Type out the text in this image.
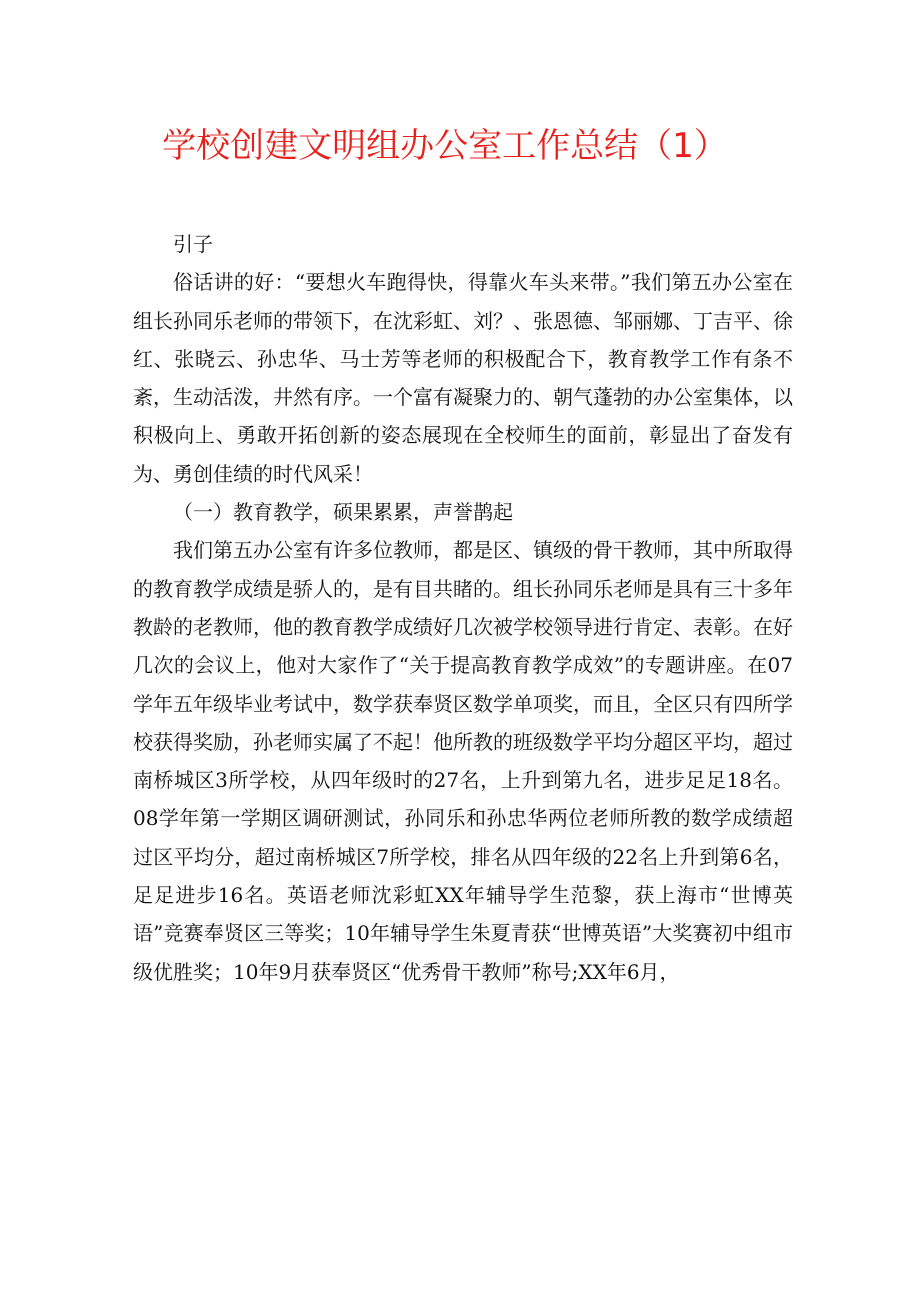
学校创建文明组办公室工作总结（1）

引子

俗话讲的好：“要想火车跑得快，得靠火车头来带。”我们第五办公室在组长孙同乐老师的带领下，在沈彩虹、刘？、张恩德、邹丽娜、丁吉平、徐红、张晓云、孙忠华、马士芳等老师的积极配合下，教育教学工作有条不紊，生动活泼，井然有序。一个富有凝聚力的、朝气蓬勃的办公室集体，以积极向上、勇敢开拓创新的姿态展现在全校师生的面前，彰显出了奋发有为、勇创佳绩的时代风采！

（一）教育教学，硕果累累，声誉鹊起

我们第五办公室有许多位教师，都是区、镇级的骨干教师，其中所取得的教育教学成绩是骄人的，是有目共睹的。组长孙同乐老师是具有三十多年教龄的老教师，他的教育教学成绩好几次被学校领导进行肯定、表彰。在好几次的会议上，他对大家作了“关于提高教育教学成效”的专题讲座。在07学年五年级毕业考试中，数学获奉贤区数学单项奖，而且，全区只有四所学校获得奖励，孙老师实属了不起！他所教的班级数学平均分超区平均，超过南桥城区3所学校，从四年级时的27名，上升到第九名，进步足足18名。08学年第一学期区调研测试，孙同乐和孙忠华两位老师所教的数学成绩超过区平均分，超过南桥城区7所学校，排名从四年级的22名上升到第6名，足足进步16名。英语老师沈彩虹XX年辅导学生范黎，获上海市“世博英语”竞赛奉贤区三等奖；10年辅导学生朱夏青获“世博英语”大奖赛初中组市级优胜奖；10年9月获奉贤区“优秀骨干教师”称号;XX年6月，
